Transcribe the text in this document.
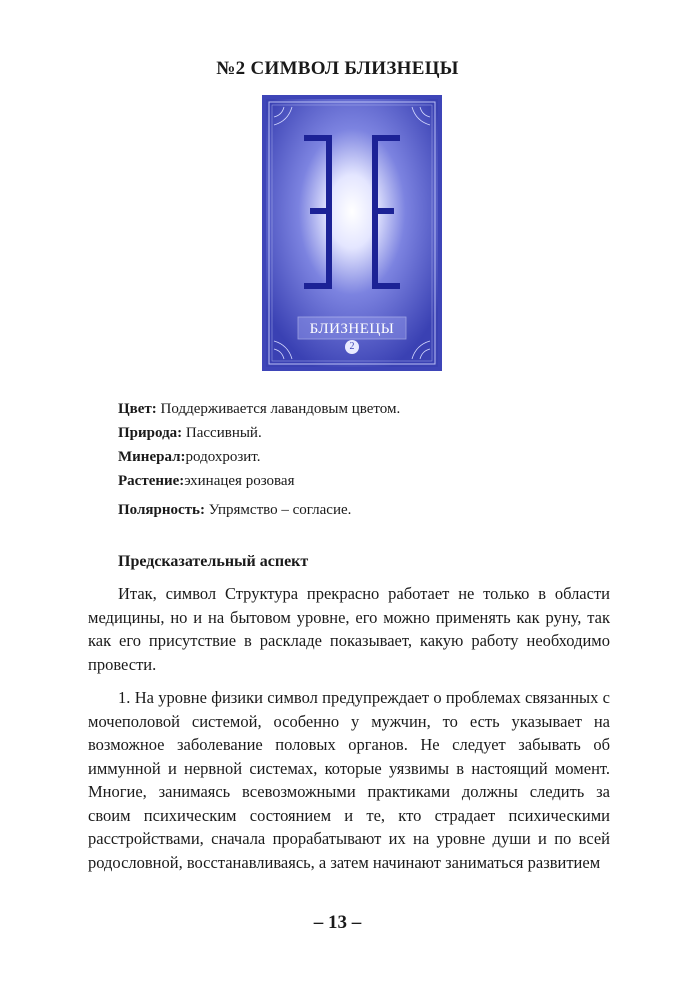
№2 СИМВОЛ БЛИЗНЕЦЫ
БЛИЗНЕЦЫ
2
Цвет: Поддерживается лавандовым цветом.
Природа: Пассивный.
Минерал:родохрозит.
Растение:эхинацея розовая
Полярность: Упрямство – согласие.
Предсказательный аспект

Итак, символ Структура прекрасно работает не только в области медицины, но и на бытовом уровне, его можно применять как руну, так как его присутствие в раскладе показывает, какую работу необходимо провести.

1. На уровне физики символ предупреждает о проблемах связанных с мочеполовой системой, особенно у мужчин, то есть указывает на возможное заболевание половых органов. Не следует забывать об иммунной и нервной системах, которые уязвимы в настоящий момент. Многие, занимаясь всевозможными практиками должны следить за своим психическим состоянием и те, кто страдает психическими расстройствами, сначала прорабатывают их на уровне души и по всей родословной, восстанавливаясь, а затем начинают заниматься развитием

– 13 –
